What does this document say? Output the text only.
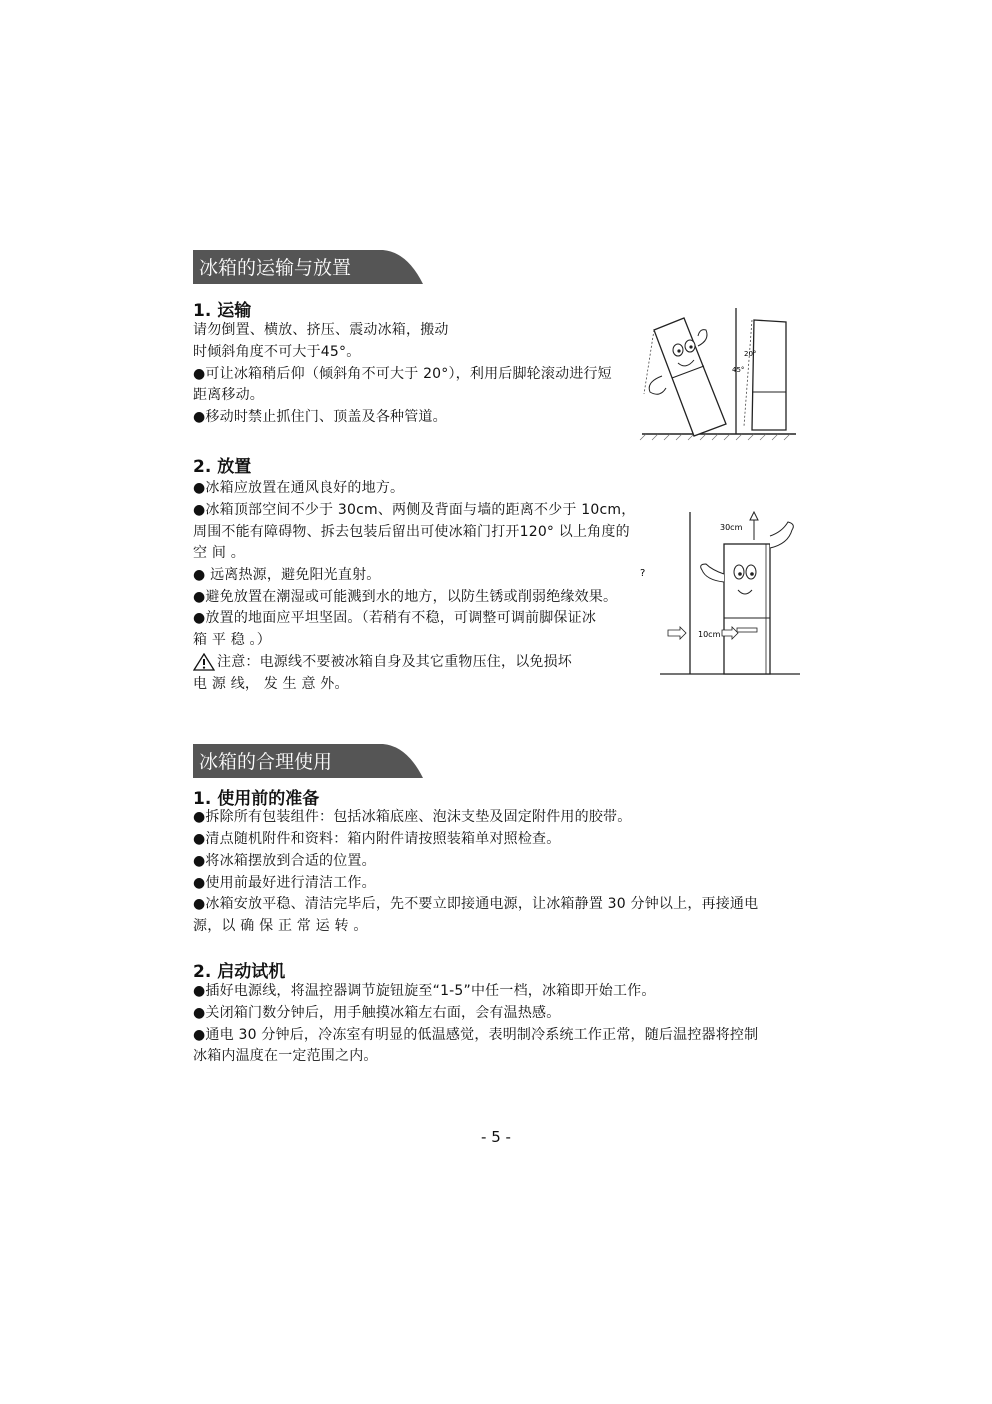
冰箱的运输与放置
1. 运输
请勿倒置、横放、挤压、震动冰箱，搬动
时倾斜角度不可大于45°。
●可让冰箱稍后仰（倾斜角不可大于 20°），利用后脚轮滚动进行短
距离移动。
●移动时禁止抓住门、顶盖及各种管道。
45°
20°
2. 放置
●冰箱应放置在通风良好的地方。
●冰箱顶部空间不少于 30cm、两侧及背面与墙的距离不少于 10cm，
周围不能有障碍物、拆去包装后留出可使冰箱门打开120° 以上角度的
空 间 。
● 远离热源，避免阳光直射。
●避免放置在潮湿或可能溅到水的地方，以防生锈或削弱绝缘效果。
●放置的地面应平坦坚固。（若稍有不稳，可调整可调前脚保证冰
箱 平 稳 。）
注意：电源线不要被冰箱自身及其它重物压住，以免损坏
电 源 线， 发 生 意 外。
?
30cm
10cm
冰箱的合理使用
1. 使用前的准备
●拆除所有包装组件：包括冰箱底座、泡沫支垫及固定附件用的胶带。
●清点随机附件和资料：箱内附件请按照装箱单对照检查。
●将冰箱摆放到合适的位置。
●使用前最好进行清洁工作。
●冰箱安放平稳、清洁完毕后，先不要立即接通电源，让冰箱静置 30 分钟以上，再接通电
源，以 确 保 正 常 运 转 。
2. 启动试机
●插好电源线，将温控器调节旋钮旋至“1-5”中任一档，冰箱即开始工作。
●关闭箱门数分钟后，用手触摸冰箱左右面，会有温热感。
●通电 30 分钟后，冷冻室有明显的低温感觉，表明制冷系统工作正常，随后温控器将控制
冰箱内温度在一定范围之内。
- 5 -
